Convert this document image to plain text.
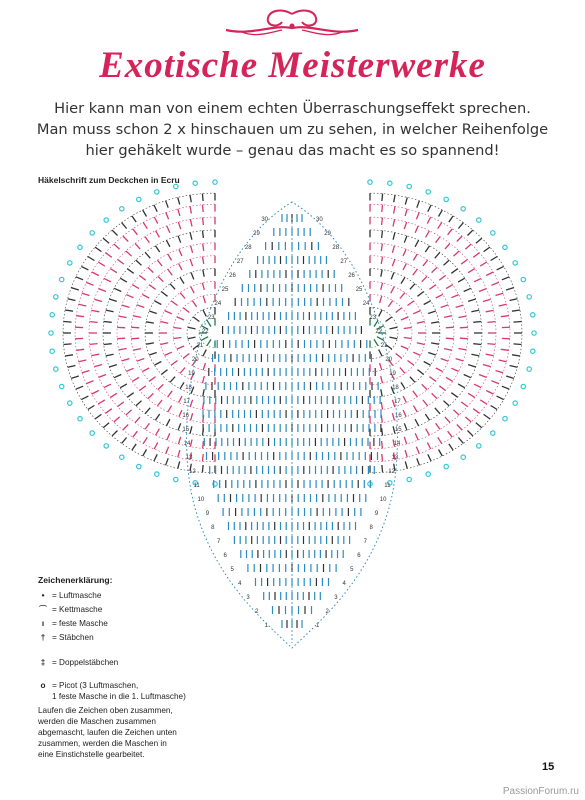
Exotische Meisterwerke
Hier kann man von einem echten Überraschungseffekt sprechen.
Man muss schon 2 x hinschauen um zu sehen, in welcher Reihenfolge
hier gehäkelt wurde – genau das macht es so spannend!
Häkelschrift zum Deckchen in Ecru
30	30
29	29
28	28
27	27
26	26
25	25
24	24
23	23
22	22
21	21
20	20
19	19
18	18
17	17
16	16
15	15
14	14
13	13
12	12
11	11
10	10
9	9
8	8
7	7
6	6
5	5
4	4
3	3
2	2
1	1
Zeichenerklärung:
• = Luftmasche
⌒ = Kettmasche
ı = feste Masche
† = Stäbchen
‡ = Doppelstäbchen
o = Picot (3 Luftmaschen,
1 feste Masche in die 1. Luftmasche)
Laufen die Zeichen oben zusammen,
werden die Maschen zusammen
abgemascht, laufen die Zeichen unten
zusammen, werden die Maschen in
eine Einstichstelle gearbeitet.
15
PassionForum.ru
